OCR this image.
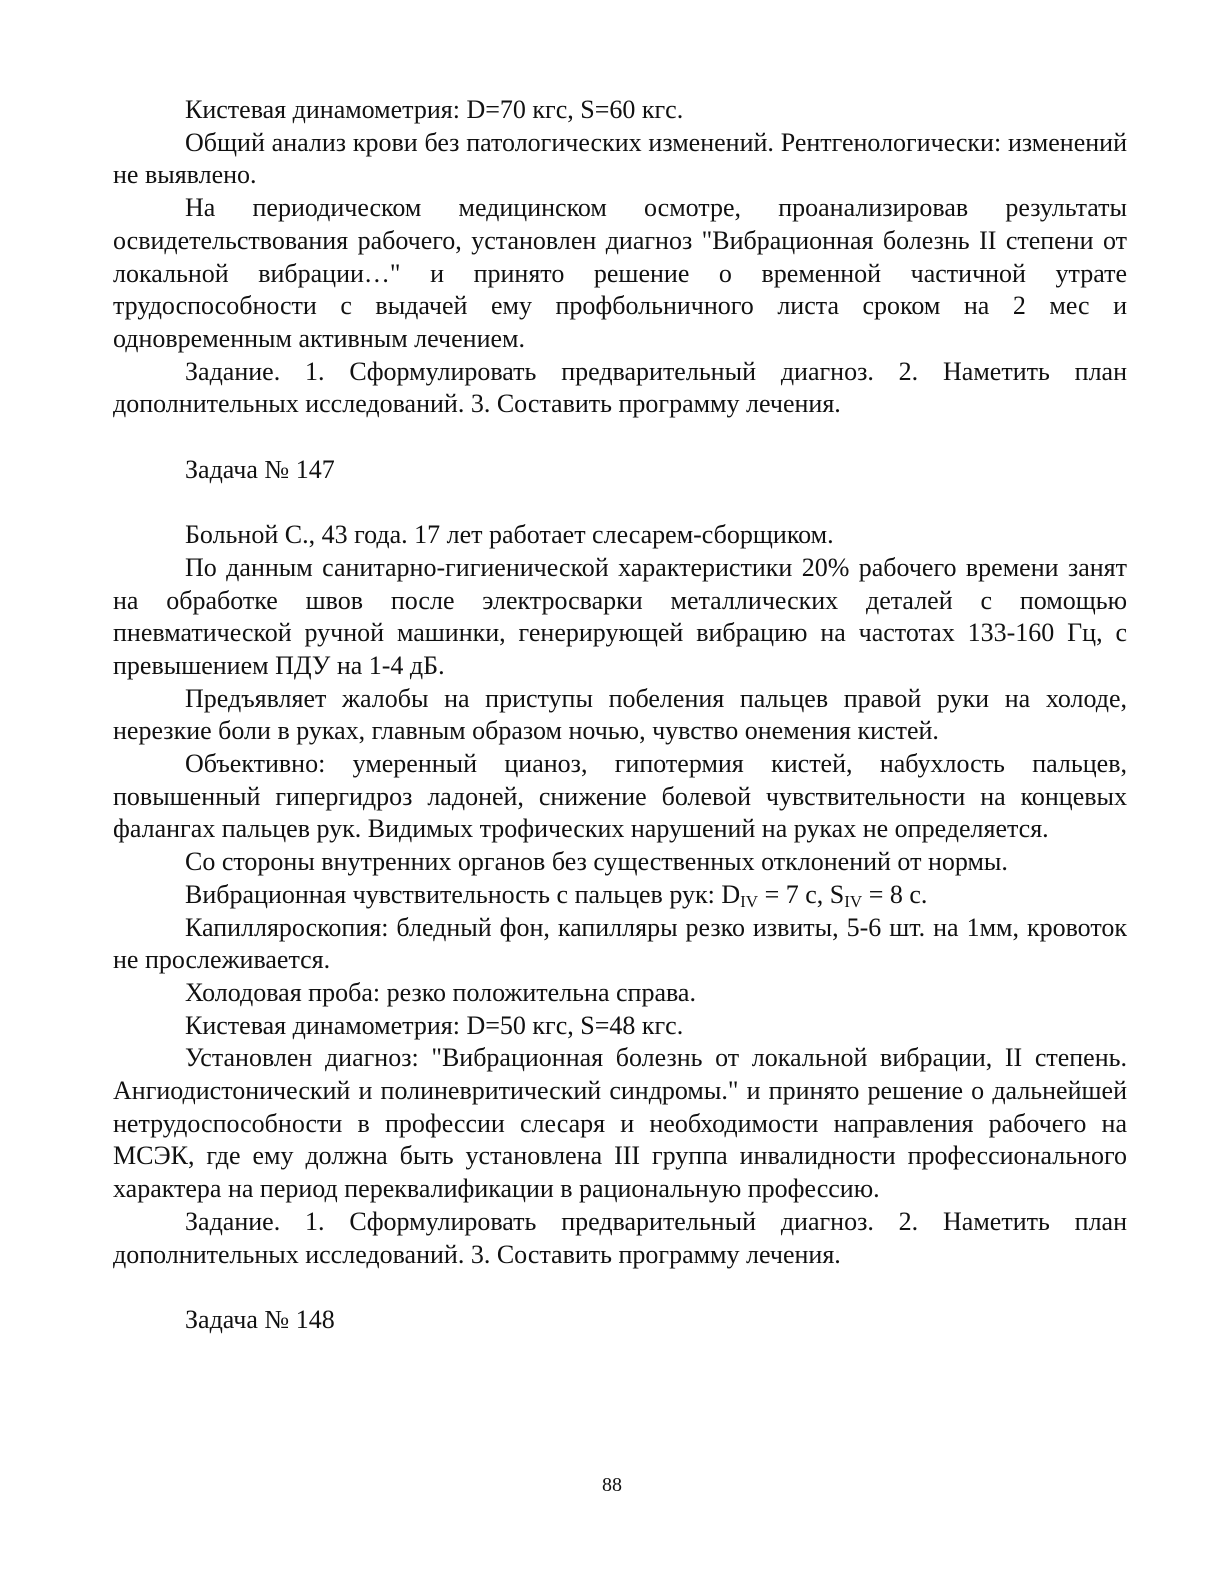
Кистевая динамометрия: D=70 кгс, S=60 кгс.

Общий анализ крови без патологических изменений. Рентгенологически: изменений не выявлено.

На периодическом медицинском осмотре, проанализировав результаты освидетельствования рабочего, установлен диагноз "Вибрационная болезнь II степени от локальной вибрации…" и принято решение о временной частичной утрате трудоспособности с выдачей ему профбольничного листа сроком на 2 мес и одновременным активным лечением.

Задание. 1. Сформулировать предварительный диагноз. 2. Наметить план дополнительных исследований. 3. Составить программу лечения.

Задача № 147

Больной С., 43 года. 17 лет работает слесарем-сборщиком.

По данным санитарно-гигиенической характеристики 20% рабочего времени занят на обработке швов после электросварки металлических деталей с помощью пневматической ручной машинки, генерирующей вибрацию на частотах 133-160 Гц, с превышением ПДУ на 1-4 дБ.

Предъявляет жалобы на приступы побеления пальцев правой руки на холоде, нерезкие боли в руках, главным образом ночью, чувство онемения кистей.

Объективно: умеренный цианоз, гипотермия кистей, набухлость пальцев, повышенный гипергидроз ладоней, снижение болевой чувствительности на концевых фалангах пальцев рук. Видимых трофических нарушений на руках не определяется.

Со стороны внутренних органов без существенных отклонений от нормы.

Вибрационная чувствительность с пальцев рук: $D_{IV} = 7$ с, $S_{IV} = 8$ с.

Капилляроскопия: бледный фон, капилляры резко извиты, 5-6 шт. на 1мм, кровоток не прослеживается.

Холодовая проба: резко положительна справа.

Кистевая динамометрия: D=50 кгс, S=48 кгс.

Установлен диагноз: "Вибрационная болезнь от локальной вибрации, II степень. Ангиодистонический и полиневритический синдромы." и принято решение о дальнейшей нетрудоспособности в профессии слесаря и необходимости направления рабочего на МСЭК, где ему должна быть установлена III группа инвалидности профессионального характера на период переквалификации в рациональную профессию.

Задание. 1. Сформулировать предварительный диагноз. 2. Наметить план дополнительных исследований. 3. Составить программу лечения.

Задача № 148

88
